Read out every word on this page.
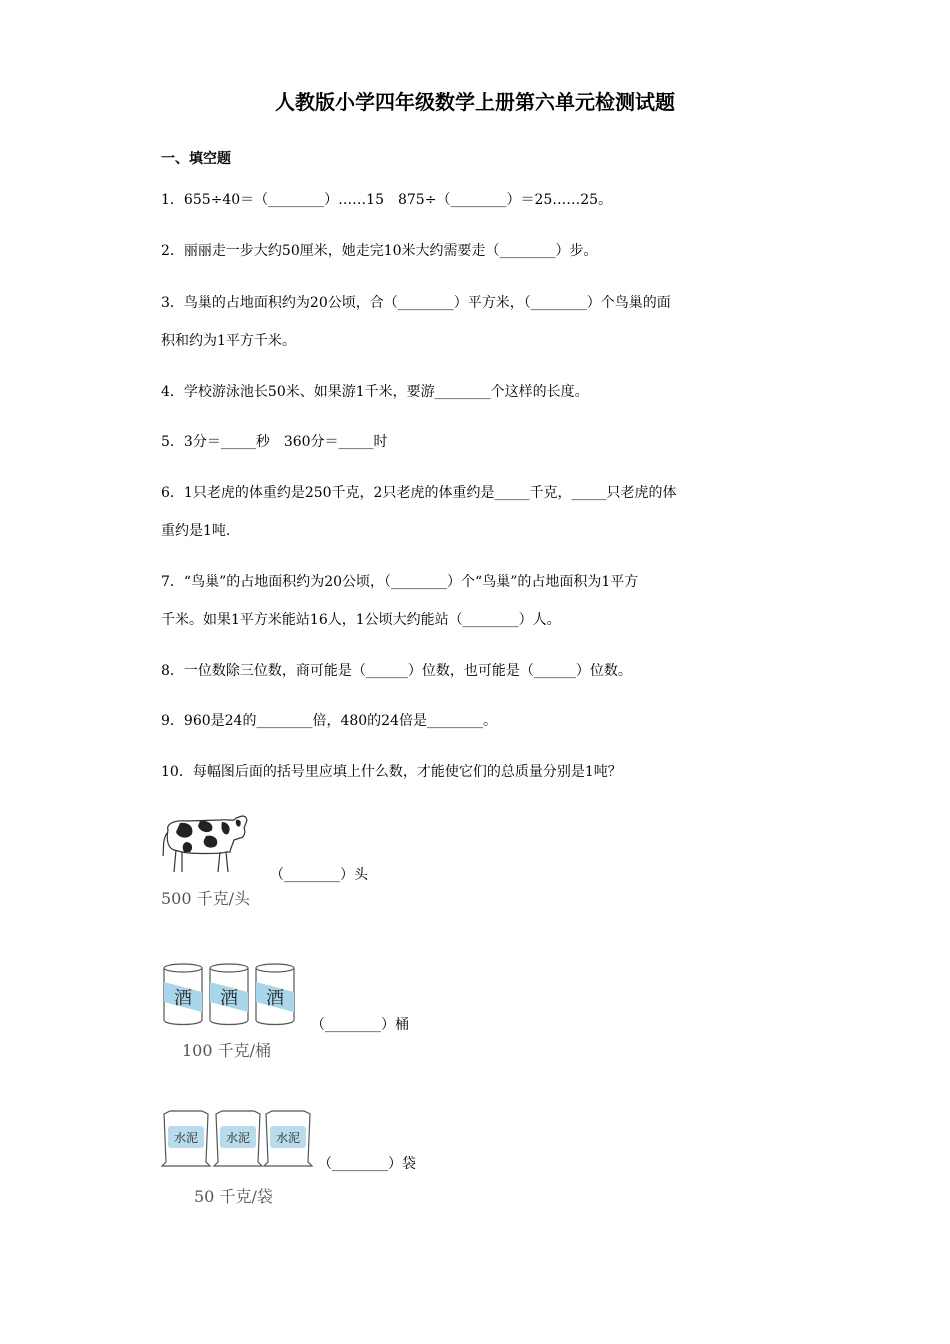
人教版小学四年级数学上册第六单元检测试题
一、填空题
1．655÷40＝（________）……15　875÷（________）＝25……25。
2．丽丽走一步大约50厘米，她走完10米大约需要走（________）步。
3．鸟巢的占地面积约为20公顷，合（________）平方米，（________）个鸟巢的面
积和约为1平方千米。
4．学校游泳池长50米、如果游1千米，要游________个这样的长度。
5．3分＝_____秒　360分＝_____时
6．1只老虎的体重约是250千克，2只老虎的体重约是_____千克，_____只老虎的体
重约是1吨.
7．“鸟巢”的占地面积约为20公顷，（________）个“鸟巢”的占地面积为1平方
千米。如果1平方米能站16人，1公顷大约能站（________）人。
8．一位数除三位数，商可能是（______）位数，也可能是（______）位数。
9．960是24的________倍，480的24倍是________。
10．每幅图后面的括号里应填上什么数，才能使它们的总质量分别是1吨？
500 千克/头
（________）头
酒 酒 酒
100 千克/桶
（________）桶
水泥 水泥 水泥
50 千克/袋
（________）袋
